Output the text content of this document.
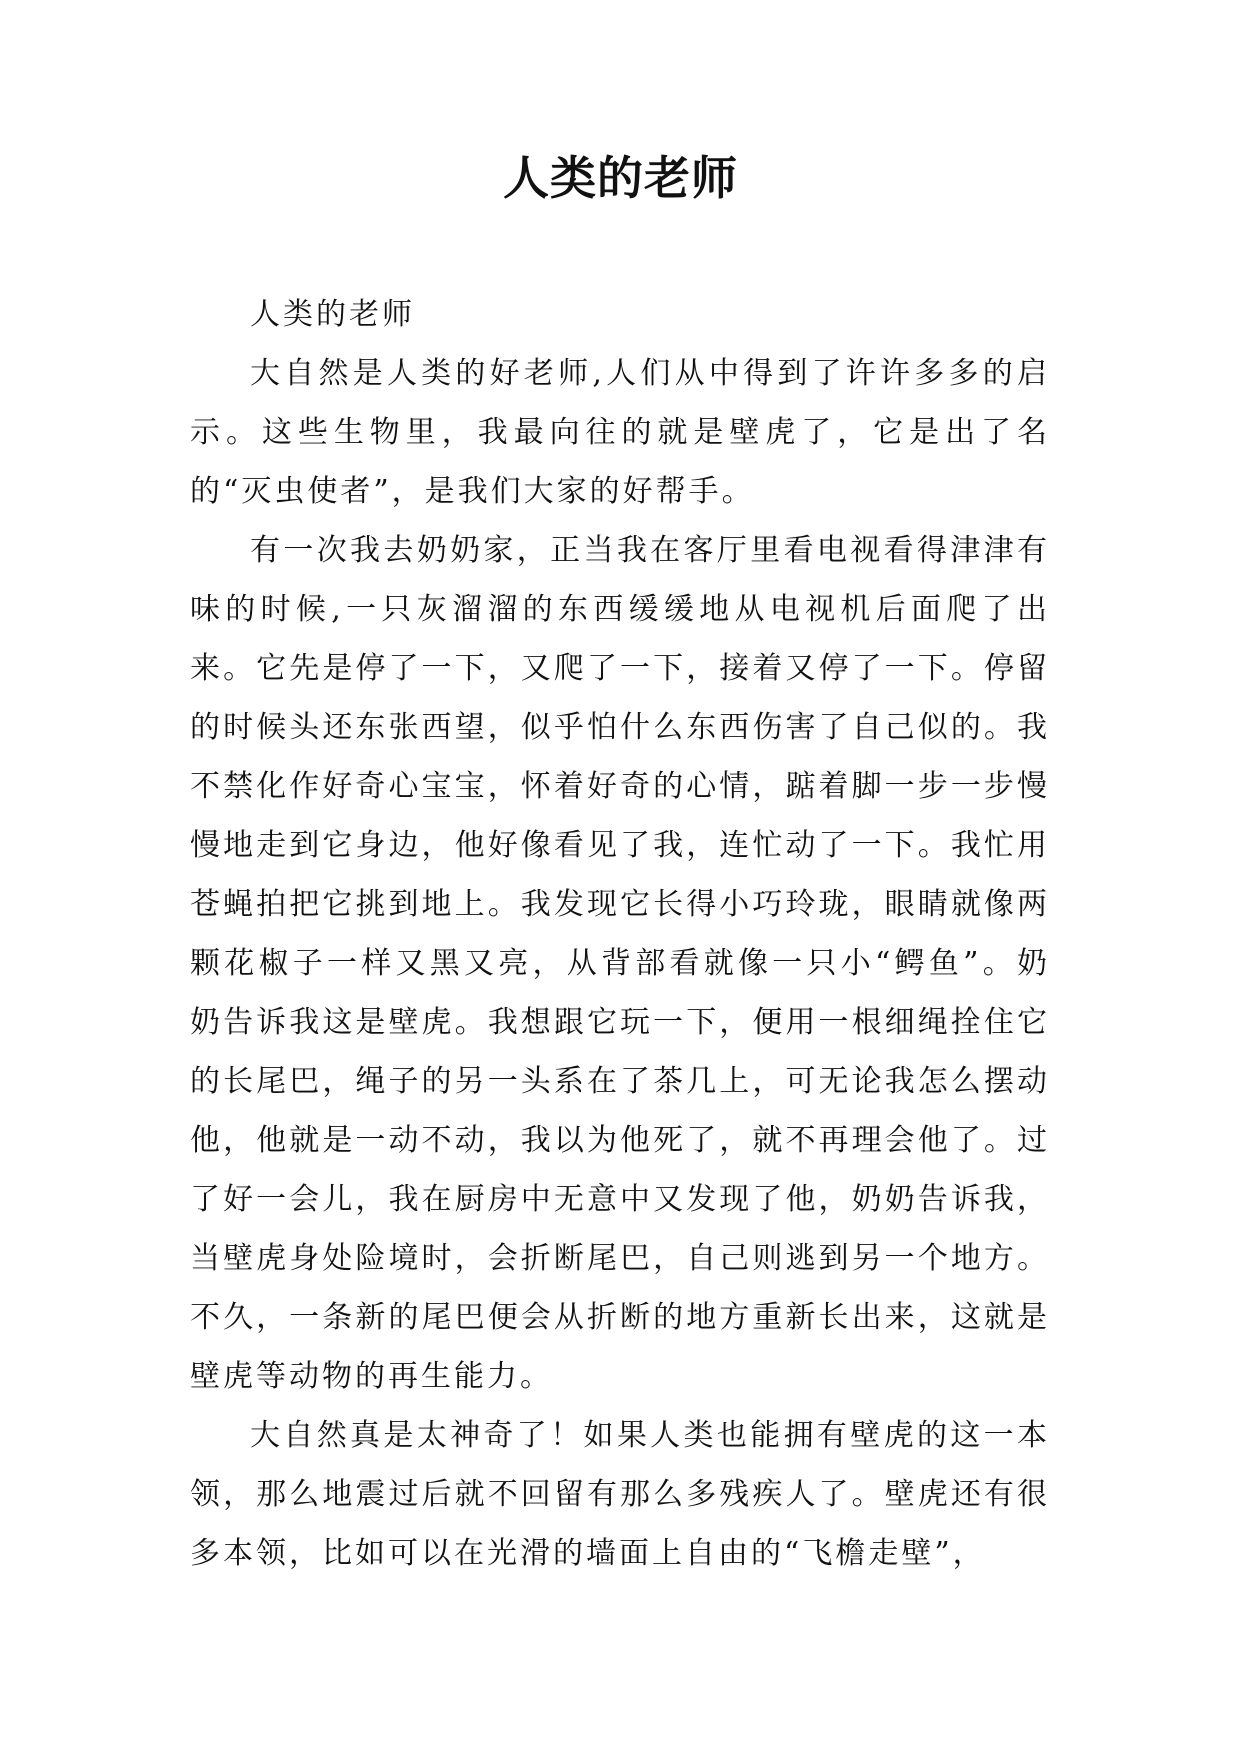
人类的老师

人类的老师

大自然是人类的好老师,人们从中得到了许许多多的启示。这些生物里，我最向往的就是壁虎了，它是出了名的“灭虫使者”，是我们大家的好帮手。

有一次我去奶奶家，正当我在客厅里看电视看得津津有味的时候,一只灰溜溜的东西缓缓地从电视机后面爬了出来。它先是停了一下，又爬了一下，接着又停了一下。停留的时候头还东张西望，似乎怕什么东西伤害了自己似的。我不禁化作好奇心宝宝，怀着好奇的心情，踮着脚一步一步慢慢地走到它身边，他好像看见了我，连忙动了一下。我忙用苍蝇拍把它挑到地上。我发现它长得小巧玲珑，眼睛就像两颗花椒子一样又黑又亮，从背部看就像一只小“鳄鱼”。奶奶告诉我这是壁虎。我想跟它玩一下，便用一根细绳拴住它的长尾巴，绳子的另一头系在了茶几上，可无论我怎么摆动他，他就是一动不动，我以为他死了，就不再理会他了。过了好一会儿，我在厨房中无意中又发现了他，奶奶告诉我，当壁虎身处险境时，会折断尾巴，自己则逃到另一个地方。不久，一条新的尾巴便会从折断的地方重新长出来，这就是壁虎等动物的再生能力。

大自然真是太神奇了！如果人类也能拥有壁虎的这一本领，那么地震过后就不回留有那么多残疾人了。壁虎还有很多本领，比如可以在光滑的墙面上自由的“飞檐走壁”，
